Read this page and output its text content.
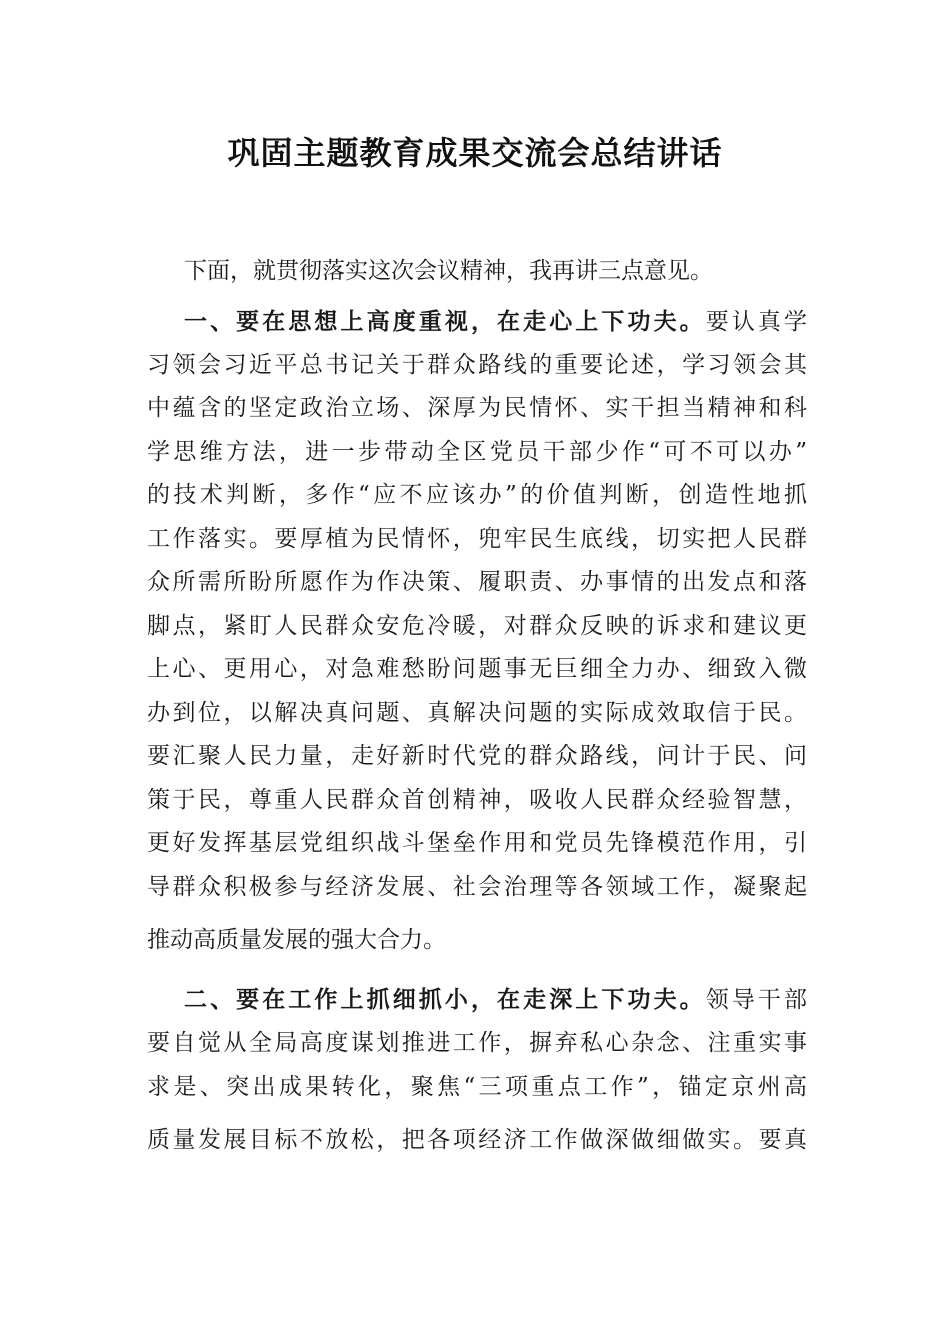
巩固主题教育成果交流会总结讲话

下面，就贯彻落实这次会议精神，我再讲三点意见。

一、要在思想上高度重视，在走心上下功夫。要认真学

习领会习近平总书记关于群众路线的重要论述，学习领会其

中蕴含的坚定政治立场、深厚为民情怀、实干担当精神和科

学思维方法，进一步带动全区党员干部少作“可不可以办”

的技术判断，多作“应不应该办”的价值判断，创造性地抓

工作落实。要厚植为民情怀，兜牢民生底线，切实把人民群

众所需所盼所愿作为作决策、履职责、办事情的出发点和落

脚点，紧盯人民群众安危冷暖，对群众反映的诉求和建议更

上心、更用心，对急难愁盼问题事无巨细全力办、细致入微

办到位，以解决真问题、真解决问题的实际成效取信于民。

要汇聚人民力量，走好新时代党的群众路线，问计于民、问

策于民，尊重人民群众首创精神，吸收人民群众经验智慧，

更好发挥基层党组织战斗堡垒作用和党员先锋模范作用，引

导群众积极参与经济发展、社会治理等各领域工作，凝聚起

推动高质量发展的强大合力。

二、要在工作上抓细抓小，在走深上下功夫。领导干部

要自觉从全局高度谋划推进工作，摒弃私心杂念、注重实事

求是、突出成果转化，聚焦“三项重点工作”，锚定京州高

质量发展目标不放松，把各项经济工作做深做细做实。要真
